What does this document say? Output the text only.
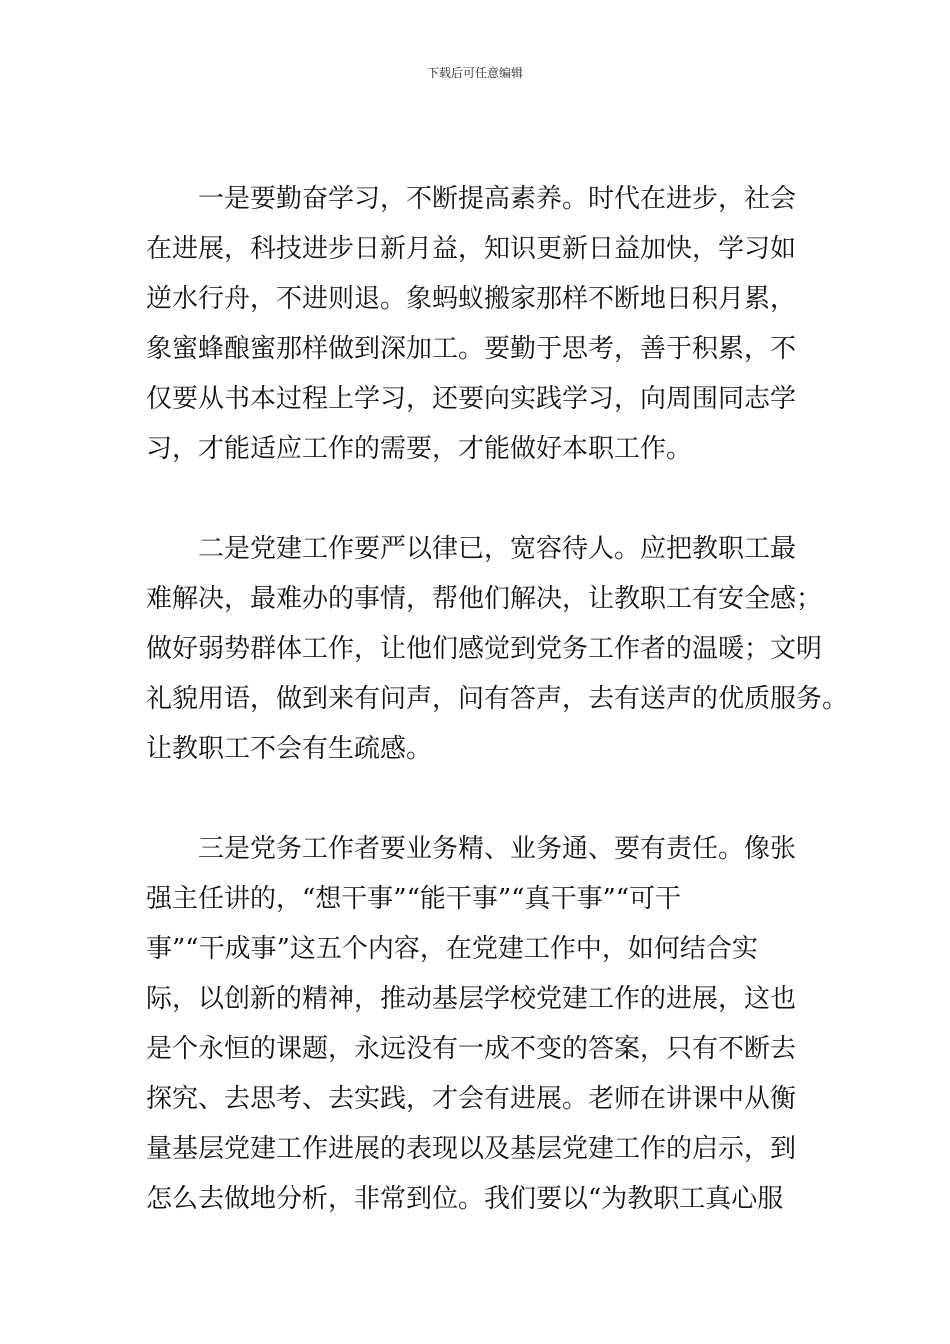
下载后可任意编辑
一是要勤奋学习，不断提高素养。时代在进步，社会
在进展，科技进步日新月益，知识更新日益加快，学习如
逆水行舟，不进则退。象蚂蚁搬家那样不断地日积月累，
象蜜蜂酿蜜那样做到深加工。要勤于思考，善于积累，不
仅要从书本过程上学习，还要向实践学习，向周围同志学
习，才能适应工作的需要，才能做好本职工作。
二是党建工作要严以律已，宽容待人。应把教职工最
难解决，最难办的事情，帮他们解决，让教职工有安全感；
做好弱势群体工作，让他们感觉到党务工作者的温暖；文明
礼貌用语，做到来有问声，问有答声，去有送声的优质服务。
让教职工不会有生疏感。
三是党务工作者要业务精、业务通、要有责任。像张
强主任讲的，“想干事”“能干事”“真干事”“可干
事”“干成事”这五个内容，在党建工作中，如何结合实
际，以创新的精神，推动基层学校党建工作的进展，这也
是个永恒的课题，永远没有一成不变的答案，只有不断去
探究、去思考、去实践，才会有进展。老师在讲课中从衡
量基层党建工作进展的表现以及基层党建工作的启示，到
怎么去做地分析，非常到位。我们要以“为教职工真心服
